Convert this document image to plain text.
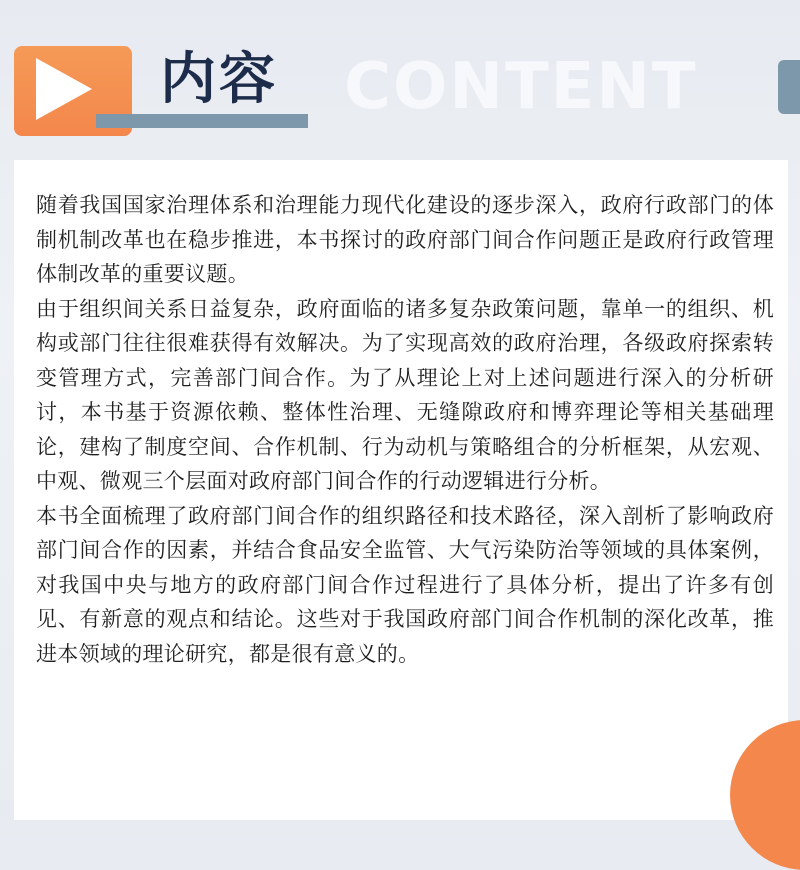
内容 CONTENT

随着我国国家治理体系和治理能力现代化建设的逐步深入，政府行政部门的体制机制改革也在稳步推进，本书探讨的政府部门间合作问题正是政府行政管理体制改革的重要议题。

由于组织间关系日益复杂，政府面临的诸多复杂政策问题，靠单一的组织、机构或部门往往很难获得有效解决。为了实现高效的政府治理，各级政府探索转变管理方式，完善部门间合作。为了从理论上对上述问题进行深入的分析研讨，本书基于资源依赖、整体性治理、无缝隙政府和博弈理论等相关基础理论，建构了制度空间、合作机制、行为动机与策略组合的分析框架，从宏观、中观、微观三个层面对政府部门间合作的行动逻辑进行分析。

本书全面梳理了政府部门间合作的组织路径和技术路径，深入剖析了影响政府部门间合作的因素，并结合食品安全监管、大气污染防治等领域的具体案例，对我国中央与地方的政府部门间合作过程进行了具体分析，提出了许多有创见、有新意的观点和结论。这些对于我国政府部门间合作机制的深化改革，推进本领域的理论研究，都是很有意义的。
